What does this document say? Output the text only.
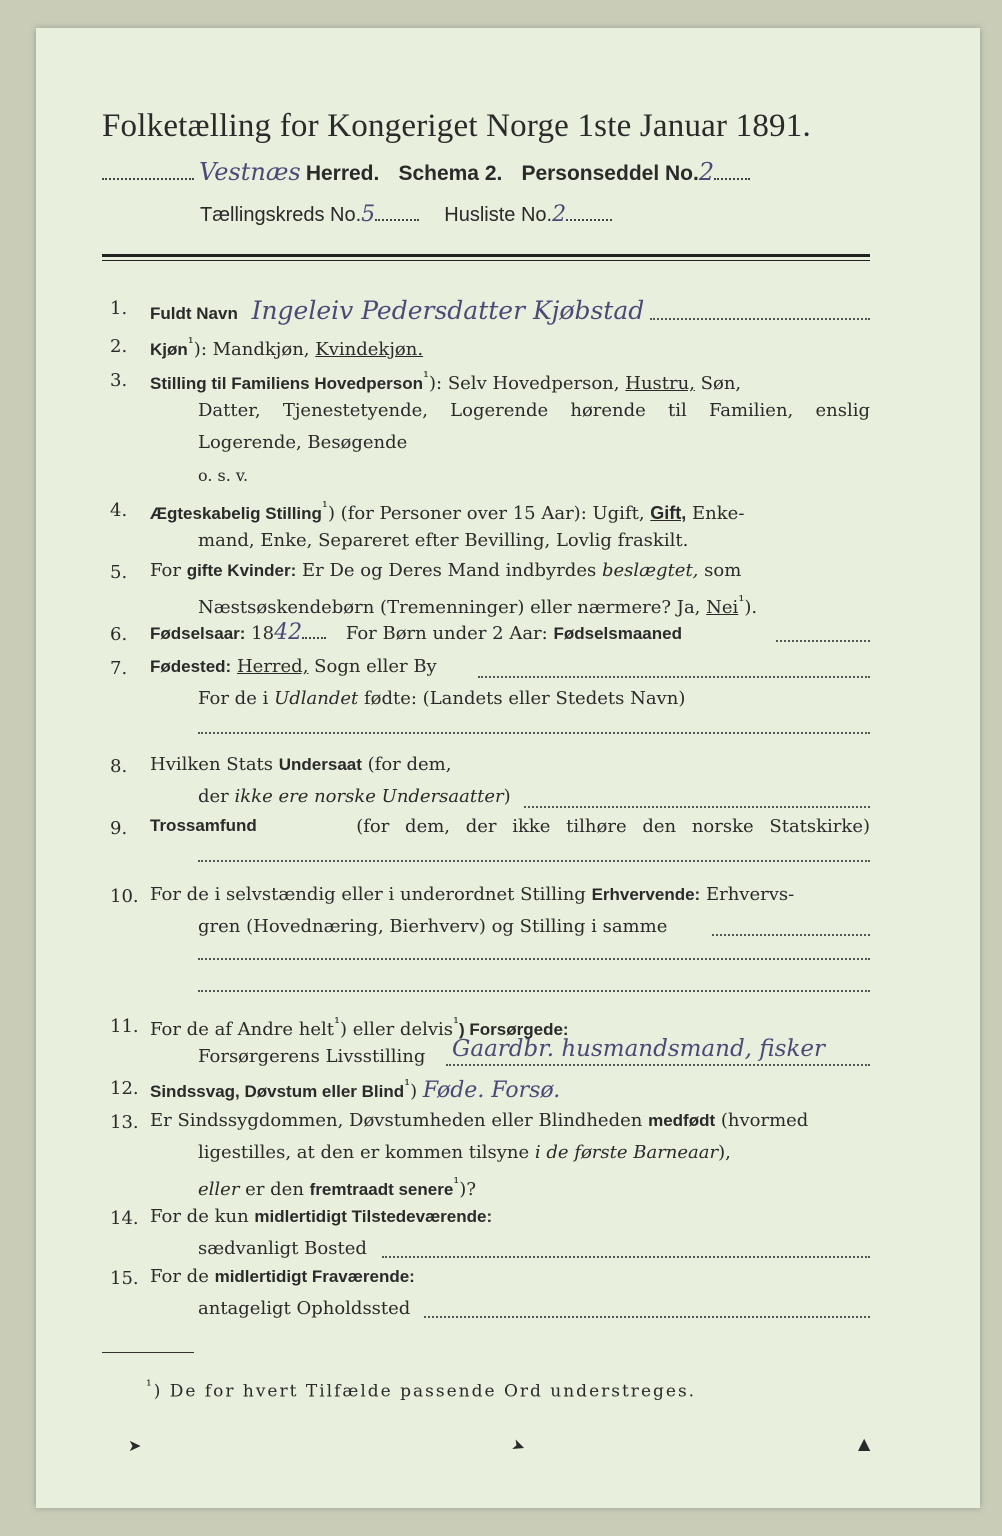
Folketælling for Kongeriget Norge 1ste Januar 1891.
Vestnæs Herred. Schema 2. Personseddel No.2
Tællingskreds No.5	Husliste No.2
1. Fuldt Navn Ingeleiv Pedersdatter Kjøbstad
2. Kjøn$^{^1}$): Mandkjøn, Kvindekjøn.
3. Stilling til Familiens Hovedperson$^{^1}$): Selv Hovedperson, Hustru, Søn,
Datter, Tjenestetyende, Logerende hørende til Familien, enslig
Logerende, Besøgende
o. s. v.
4. Ægteskabelig Stilling$^{^1}$) (for Personer over 15 Aar): Ugift, Gift, Enke-
mand, Enke, Separeret efter Bevilling, Lovlig fraskilt.
5. For gifte Kvinder: Er De og Deres Mand indbyrdes beslægtet, som
Næstsøskendebørn (Tremenninger) eller nærmere? Ja, Nei$^{^1}$).
6. Fødselsaar: 1842 For Børn under 2 Aar: Fødselsmaaned
7. Fødested: Herred, Sogn eller By
For de i Udlandet fødte: (Landets eller Stedets Navn)
8. Hvilken Stats Undersaat (for dem,
der ikke ere norske Undersaatter)
9. Trossamfund	(for dem, der ikke tilhøre den norske Statskirke)
10. For de i selvstændig eller i underordnet Stilling Erhvervende: Erhvervs-
gren (Hovednæring, Bierhverv) og Stilling i samme
11. For de af Andre helt$^{^1}$) eller delvis$^{^1}$) Forsørgede:
Forsørgerens Livsstilling Gaardbr. husmandsmand, fisker
12. Sindssvag, Døvstum eller Blind$^{^1}$) Føde. Forsø.
13. Er Sindssygdommen, Døvstumheden eller Blindheden medfødt (hvormed
ligestilles, at den er kommen tilsyne i de første Barneaar),
eller er den fremtraadt senere$^{^1}$)?
14. For de kun midlertidigt Tilstedeværende:
sædvanligt Bosted
15. For de midlertidigt Fraværende:
antageligt Opholdssted
$^{^1}$) De for hvert Tilfælde passende Ord understreges.
➤	➤	▲
